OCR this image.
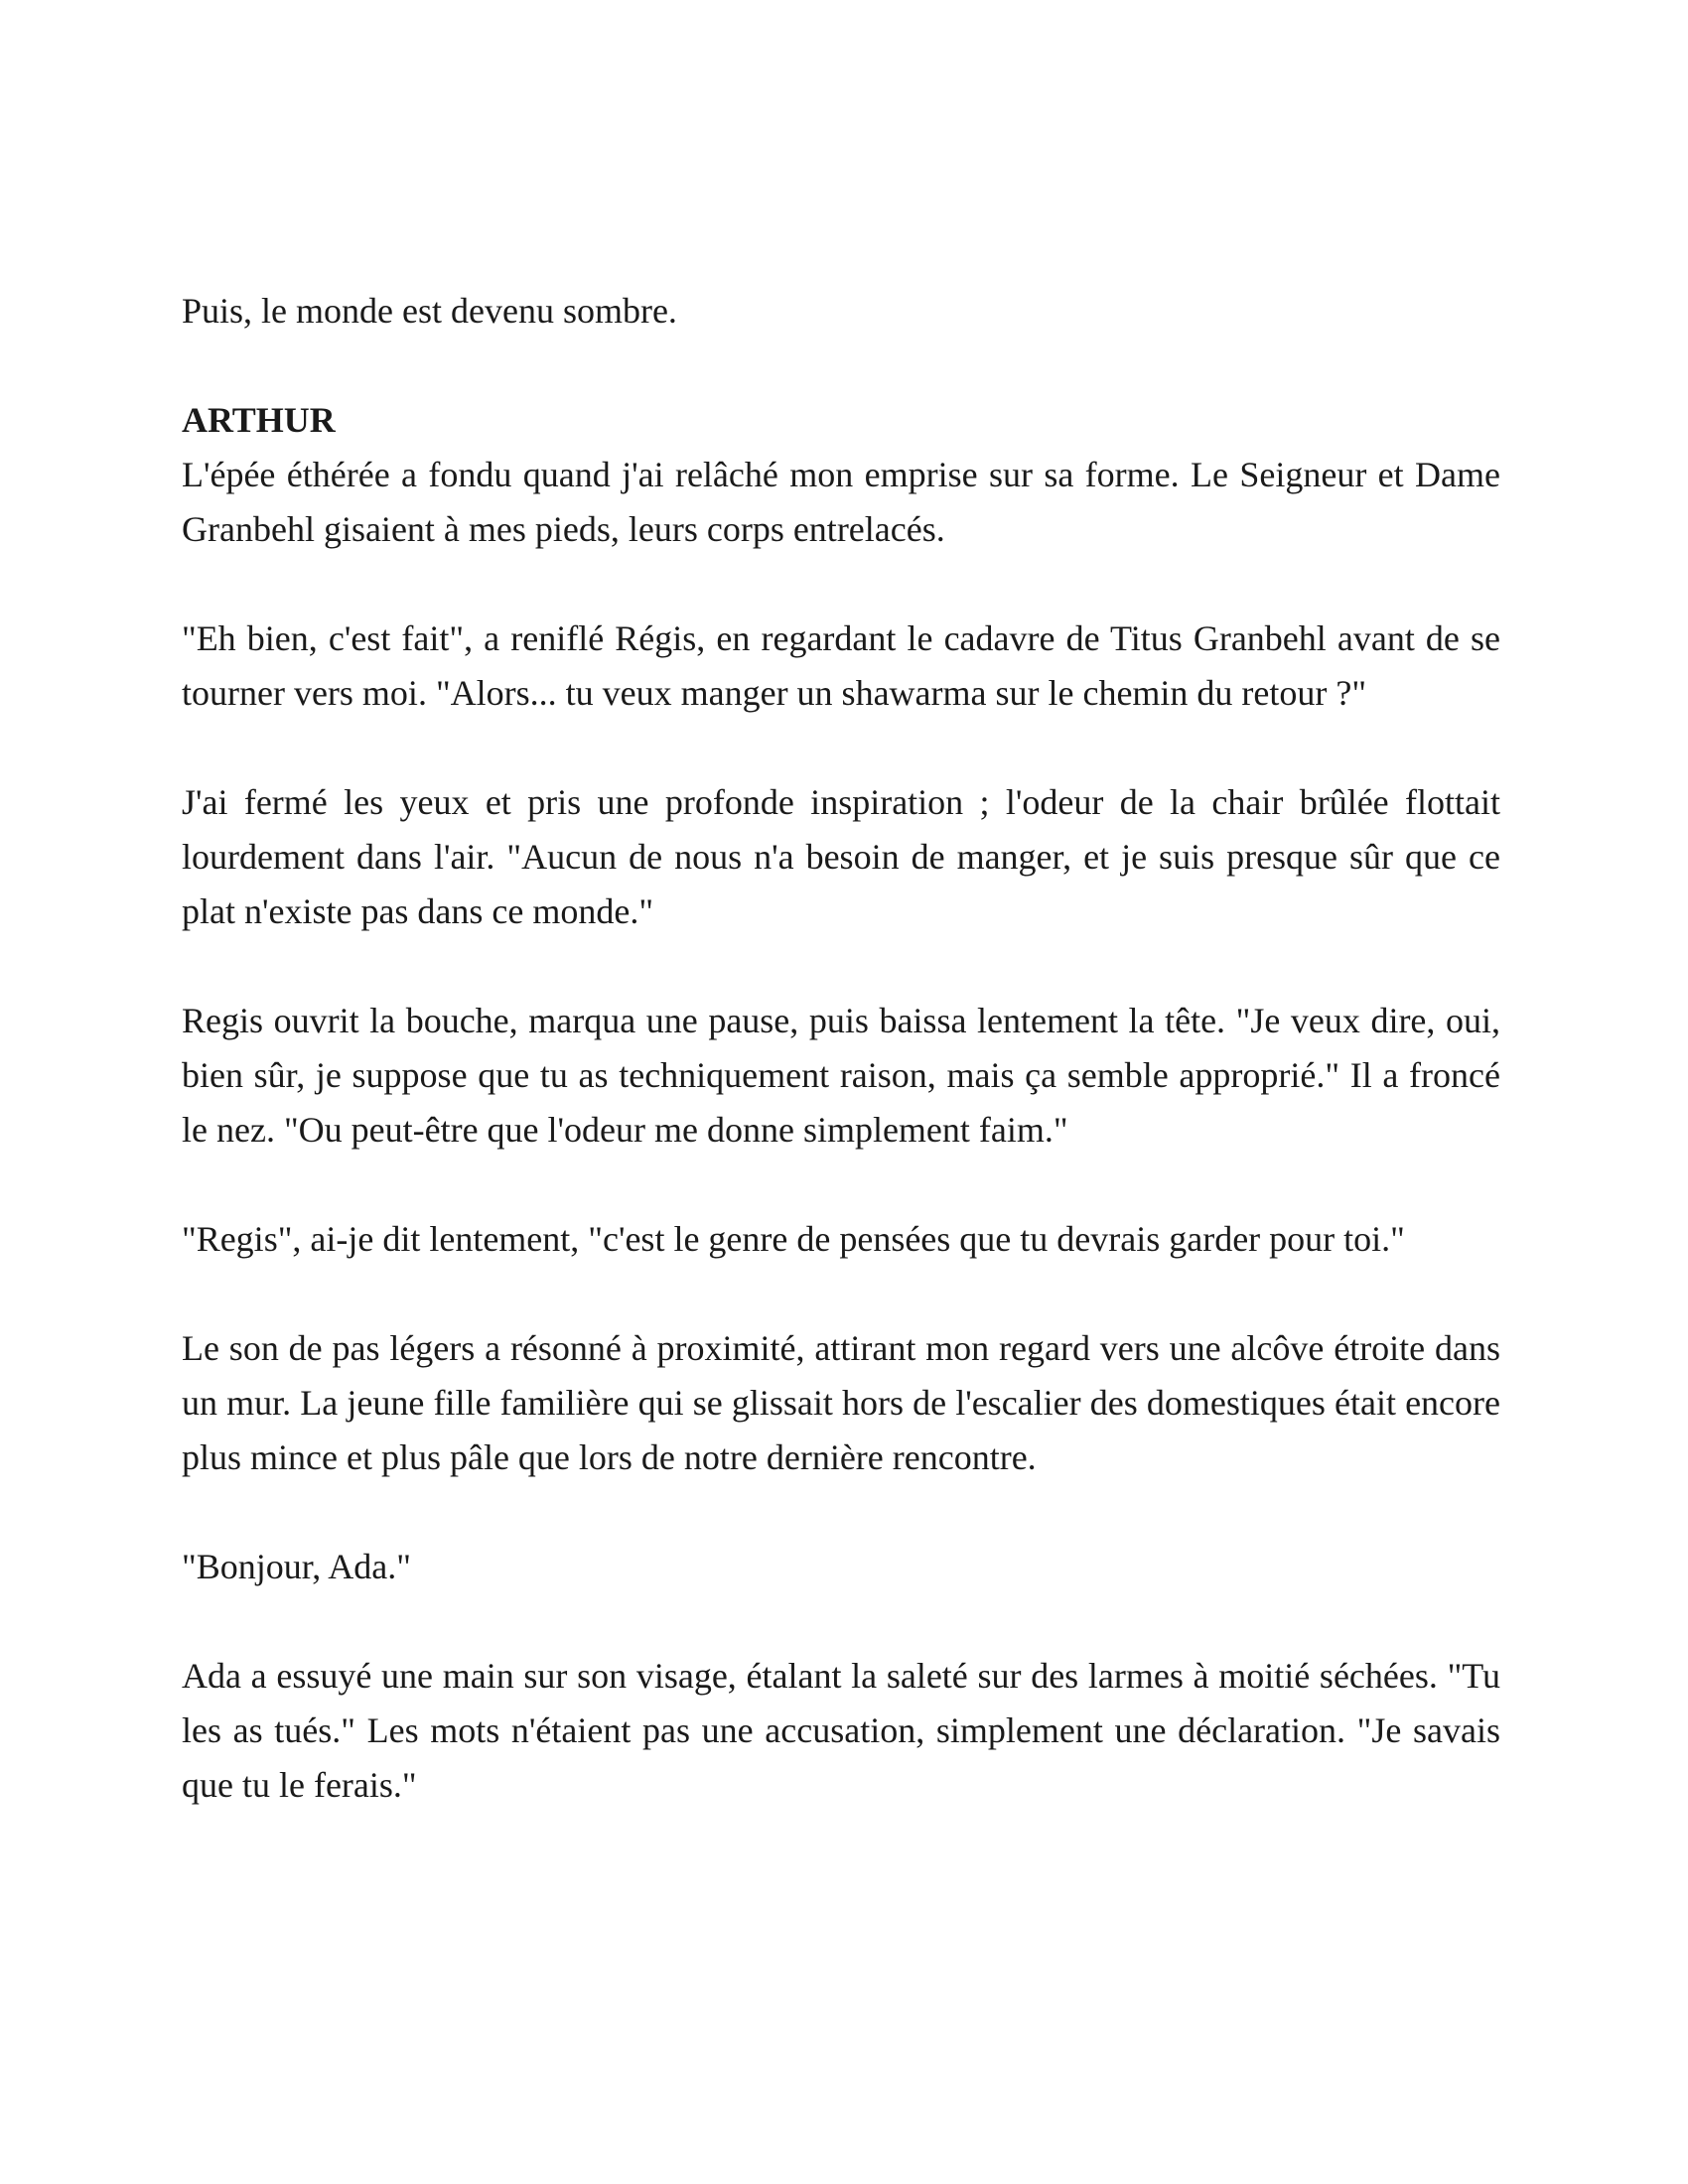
Puis, le monde est devenu sombre.

ARTHUR

L'épée éthérée a fondu quand j'ai relâché mon emprise sur sa forme. Le Seigneur et Dame Granbehl gisaient à mes pieds, leurs corps entrelacés.

"Eh bien, c'est fait", a reniflé Régis, en regardant le cadavre de Titus Granbehl avant de se tourner vers moi. "Alors... tu veux manger un shawarma sur le chemin du retour ?"

J'ai fermé les yeux et pris une profonde inspiration ; l'odeur de la chair brûlée flottait lourdement dans l'air. "Aucun de nous n'a besoin de manger, et je suis presque sûr que ce plat n'existe pas dans ce monde."

Regis ouvrit la bouche, marqua une pause, puis baissa lentement la tête. "Je veux dire, oui, bien sûr, je suppose que tu as techniquement raison, mais ça semble approprié." Il a froncé le nez. "Ou peut-être que l'odeur me donne simplement faim."

"Regis", ai-je dit lentement, "c'est le genre de pensées que tu devrais garder pour toi."

Le son de pas légers a résonné à proximité, attirant mon regard vers une alcôve étroite dans un mur. La jeune fille familière qui se glissait hors de l'escalier des domestiques était encore plus mince et plus pâle que lors de notre dernière rencontre.

"Bonjour, Ada."

Ada a essuyé une main sur son visage, étalant la saleté sur des larmes à moitié séchées. "Tu les as tués." Les mots n'étaient pas une accusation, simplement une déclaration. "Je savais que tu le ferais."
